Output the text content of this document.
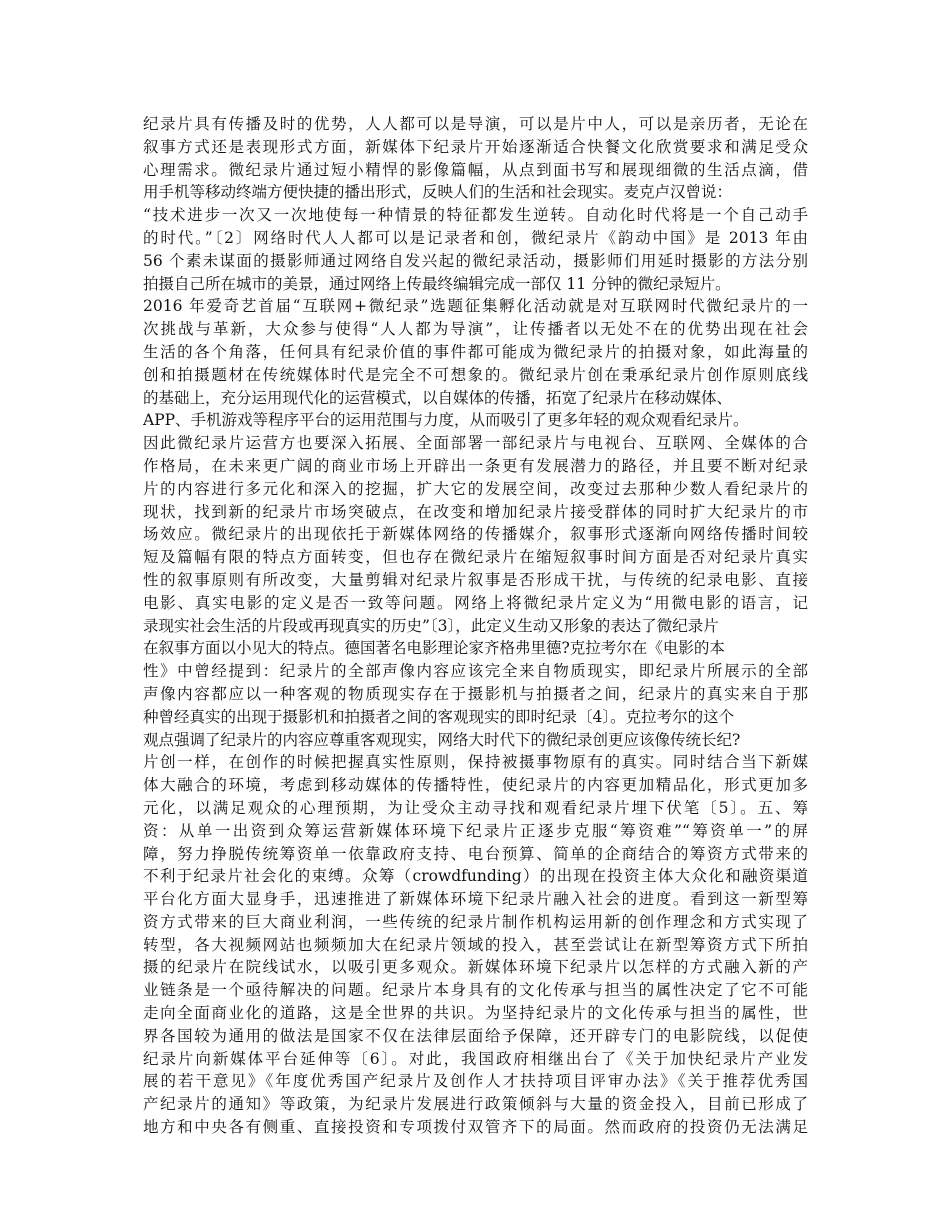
纪录片具有传播及时的优势，人人都可以是导演，可以是片中人，可以是亲历者，无论在
叙事方式还是表现形式方面，新媒体下纪录片开始逐渐适合快餐文化欣赏要求和满足受众
心理需求。微纪录片通过短小精悍的影像篇幅，从点到面书写和展现细微的生活点滴，借
用手机等移动终端方便快捷的播出形式，反映人们的生活和社会现实。麦克卢汉曾说：
“技术进步一次又一次地使每一种情景的特征都发生逆转。自动化时代将是一个自己动手
的时代。”〔2〕网络时代人人都可以是记录者和创，微纪录片《韵动中国》是 2013 年由
56 个素未谋面的摄影师通过网络自发兴起的微纪录活动，摄影师们用延时摄影的方法分别
拍摄自己所在城市的美景，通过网络上传最终编辑完成一部仅 11 分钟的微纪录短片。
2016 年爱奇艺首届“互联网+微纪录”选题征集孵化活动就是对互联网时代微纪录片的一
次挑战与革新，大众参与使得“人人都为导演”，让传播者以无处不在的优势出现在社会
生活的各个角落，任何具有纪录价值的事件都可能成为微纪录片的拍摄对象，如此海量的
创和拍摄题材在传统媒体时代是完全不可想象的。微纪录片创在秉承纪录片创作原则底线
的基础上，充分运用现代化的运营模式，以自媒体的传播，拓宽了纪录片在移动媒体、
APP、手机游戏等程序平台的运用范围与力度，从而吸引了更多年轻的观众观看纪录片。
因此微纪录片运营方也要深入拓展、全面部署一部纪录片与电视台、互联网、全媒体的合
作格局，在未来更广阔的商业市场上开辟出一条更有发展潜力的路径，并且要不断对纪录
片的内容进行多元化和深入的挖掘，扩大它的发展空间，改变过去那种少数人看纪录片的
现状，找到新的纪录片市场突破点，在改变和增加纪录片接受群体的同时扩大纪录片的市
场效应。微纪录片的出现依托于新媒体网络的传播媒介，叙事形式逐渐向网络传播时间较
短及篇幅有限的特点方面转变，但也存在微纪录片在缩短叙事时间方面是否对纪录片真实
性的叙事原则有所改变，大量剪辑对纪录片叙事是否形成干扰，与传统的纪录电影、直接
电影、真实电影的定义是否一致等问题。网络上将微纪录片定义为“用微电影的语言，记
录现实社会生活的片段或再现真实的历史”〔3〕，此定义生动又形象的表达了微纪录片
在叙事方面以小见大的特点。德国著名电影理论家齐格弗里德?克拉考尔在《电影的本
性》中曾经提到：纪录片的全部声像内容应该完全来自物质现实，即纪录片所展示的全部
声像内容都应以一种客观的物质现实存在于摄影机与拍摄者之间，纪录片的真实来自于那
种曾经真实的出现于摄影机和拍摄者之间的客观现实的即时纪录〔4〕。克拉考尔的这个
观点强调了纪录片的内容应尊重客观现实，网络大时代下的微纪录创更应该像传统长纪?
片创一样，在创作的时候把握真实性原则，保持被摄事物原有的真实。同时结合当下新媒
体大融合的环境，考虑到移动媒体的传播特性，使纪录片的内容更加精品化，形式更加多
元化，以满足观众的心理预期，为让受众主动寻找和观看纪录片埋下伏笔〔5〕。五、筹
资：从单一出资到众筹运营新媒体环境下纪录片正逐步克服“筹资难”“筹资单一”的屏
障，努力挣脱传统筹资单一依靠政府支持、电台预算、简单的企商结合的筹资方式带来的
不利于纪录片社会化的束缚。众筹（crowdfunding）的出现在投资主体大众化和融资渠道
平台化方面大显身手，迅速推进了新媒体环境下纪录片融入社会的进度。看到这一新型筹
资方式带来的巨大商业利润，一些传统的纪录片制作机构运用新的创作理念和方式实现了
转型，各大视频网站也频频加大在纪录片领域的投入，甚至尝试让在新型筹资方式下所拍
摄的纪录片在院线试水，以吸引更多观众。新媒体环境下纪录片以怎样的方式融入新的产
业链条是一个亟待解决的问题。纪录片本身具有的文化传承与担当的属性决定了它不可能
走向全面商业化的道路，这是全世界的共识。为坚持纪录片的文化传承与担当的属性，世
界各国较为通用的做法是国家不仅在法律层面给予保障，还开辟专门的电影院线，以促使
纪录片向新媒体平台延伸等〔6〕。对此，我国政府相继出台了《关于加快纪录片产业发
展的若干意见》《年度优秀国产纪录片及创作人才扶持项目评审办法》《关于推荐优秀国
产纪录片的通知》等政策，为纪录片发展进行政策倾斜与大量的资金投入，目前已形成了
地方和中央各有侧重、直接投资和专项拨付双管齐下的局面。然而政府的投资仍无法满足
